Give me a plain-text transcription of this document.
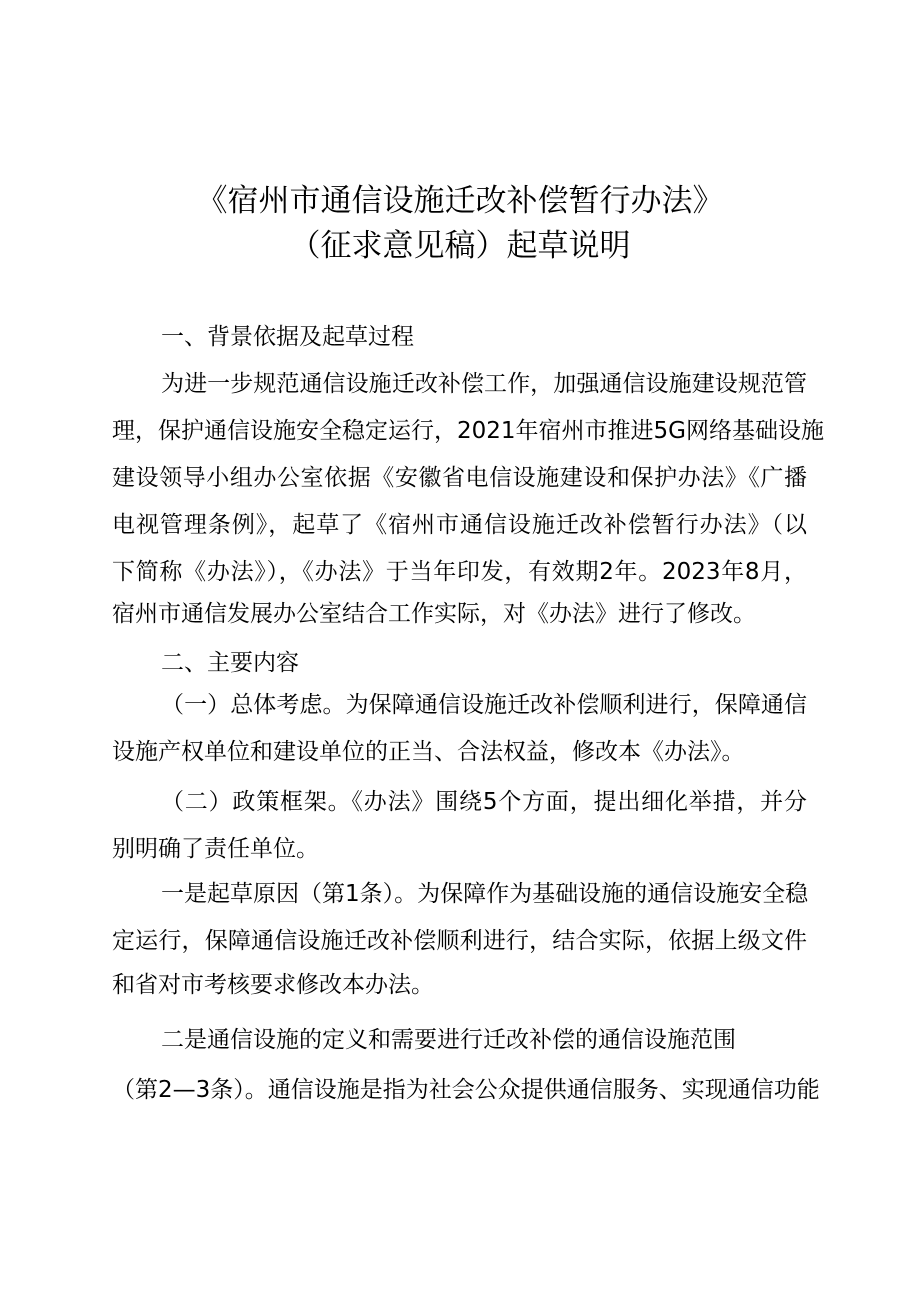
《宿州市通信设施迁改补偿暂行办法》
（征求意见稿）起草说明
一、背景依据及起草过程
为进一步规范通信设施迁改补偿工作，加强通信设施建设规范管
理，保护通信设施安全稳定运行，2021年宿州市推进5G网络基础设施
建设领导小组办公室依据《安徽省电信设施建设和保护办法》《广播
电视管理条例》，起草了《宿州市通信设施迁改补偿暂行办法》（以
下简称《办法》），《办法》于当年印发，有效期2年。2023年8月，
宿州市通信发展办公室结合工作实际，对《办法》进行了修改。
二、主要内容
（一）总体考虑。为保障通信设施迁改补偿顺利进行，保障通信
设施产权单位和建设单位的正当、合法权益，修改本《办法》。
（二）政策框架。《办法》围绕5个方面，提出细化举措，并分
别明确了责任单位。
一是起草原因（第1条）。为保障作为基础设施的通信设施安全稳
定运行，保障通信设施迁改补偿顺利进行，结合实际，依据上级文件
和省对市考核要求修改本办法。
二是通信设施的定义和需要进行迁改补偿的通信设施范围
（第2—3条）。通信设施是指为社会公众提供通信服务、实现通信功能
